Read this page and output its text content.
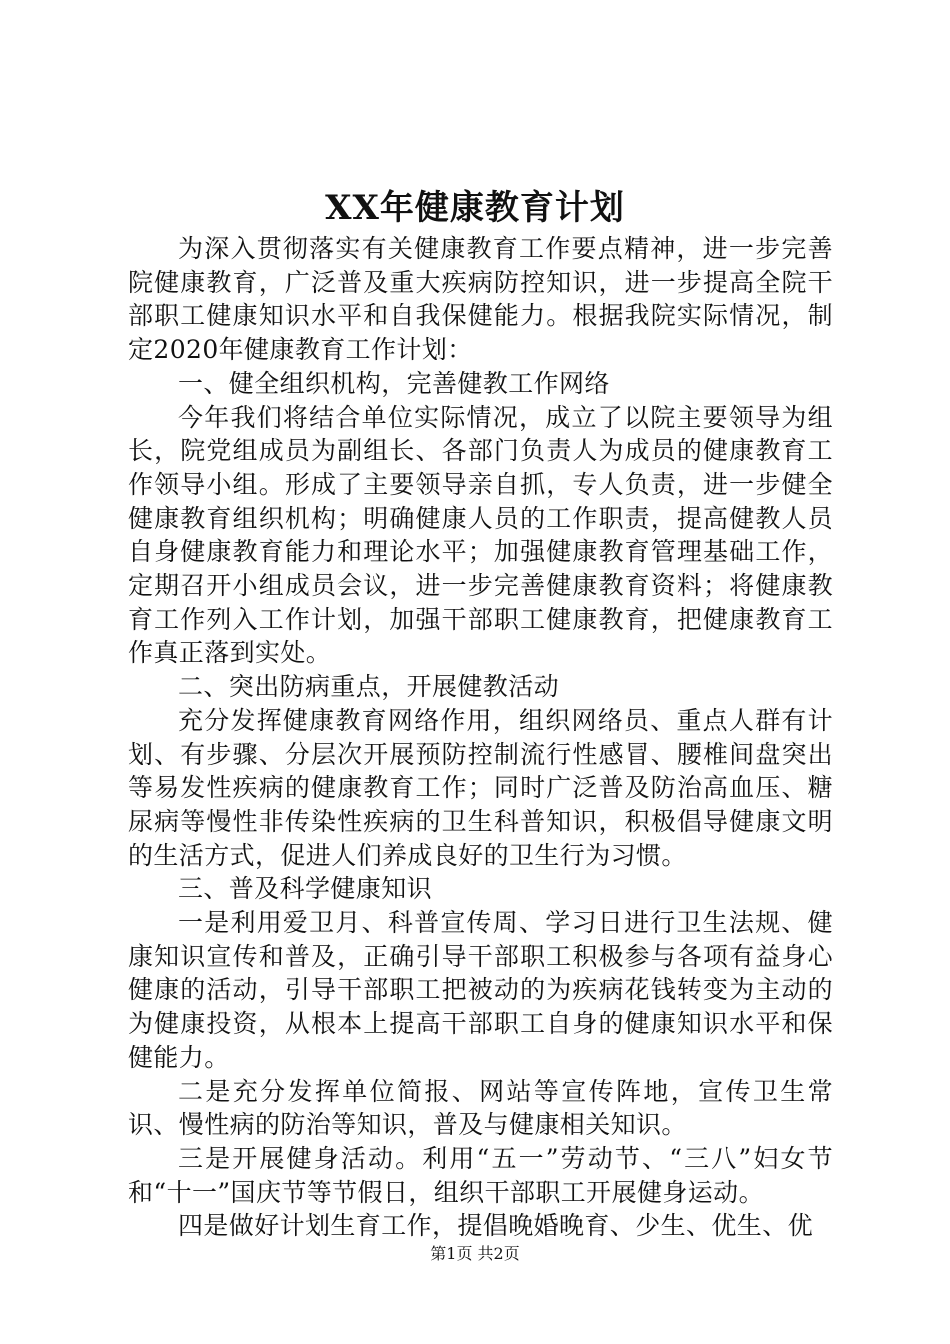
XX年健康教育计划

为深入贯彻落实有关健康教育工作要点精神，进一步完善院健康教育，广泛普及重大疾病防控知识，进一步提高全院干部职工健康知识水平和自我保健能力。根据我院实际情况，制定2020年健康教育工作计划：

一、健全组织机构，完善健教工作网络

今年我们将结合单位实际情况，成立了以院主要领导为组长，院党组成员为副组长、各部门负责人为成员的健康教育工作领导小组。形成了主要领导亲自抓，专人负责，进一步健全健康教育组织机构；明确健康人员的工作职责，提高健教人员自身健康教育能力和理论水平；加强健康教育管理基础工作，定期召开小组成员会议，进一步完善健康教育资料；将健康教育工作列入工作计划，加强干部职工健康教育，把健康教育工作真正落到实处。

二、突出防病重点，开展健教活动

充分发挥健康教育网络作用，组织网络员、重点人群有计划、有步骤、分层次开展预防控制流行性感冒、腰椎间盘突出等易发性疾病的健康教育工作；同时广泛普及防治高血压、糖尿病等慢性非传染性疾病的卫生科普知识，积极倡导健康文明的生活方式，促进人们养成良好的卫生行为习惯。

三、普及科学健康知识

一是利用爱卫月、科普宣传周、学习日进行卫生法规、健康知识宣传和普及，正确引导干部职工积极参与各项有益身心健康的活动，引导干部职工把被动的为疾病花钱转变为主动的为健康投资，从根本上提高干部职工自身的健康知识水平和保健能力。

二是充分发挥单位简报、网站等宣传阵地，宣传卫生常识、慢性病的防治等知识，普及与健康相关知识。

三是开展健身活动。利用“五一”劳动节、“三八”妇女节和“十一”国庆节等节假日，组织干部职工开展健身运动。

四是做好计划生育工作，提倡晚婚晚育、少生、优生、优

第1页 共2页
